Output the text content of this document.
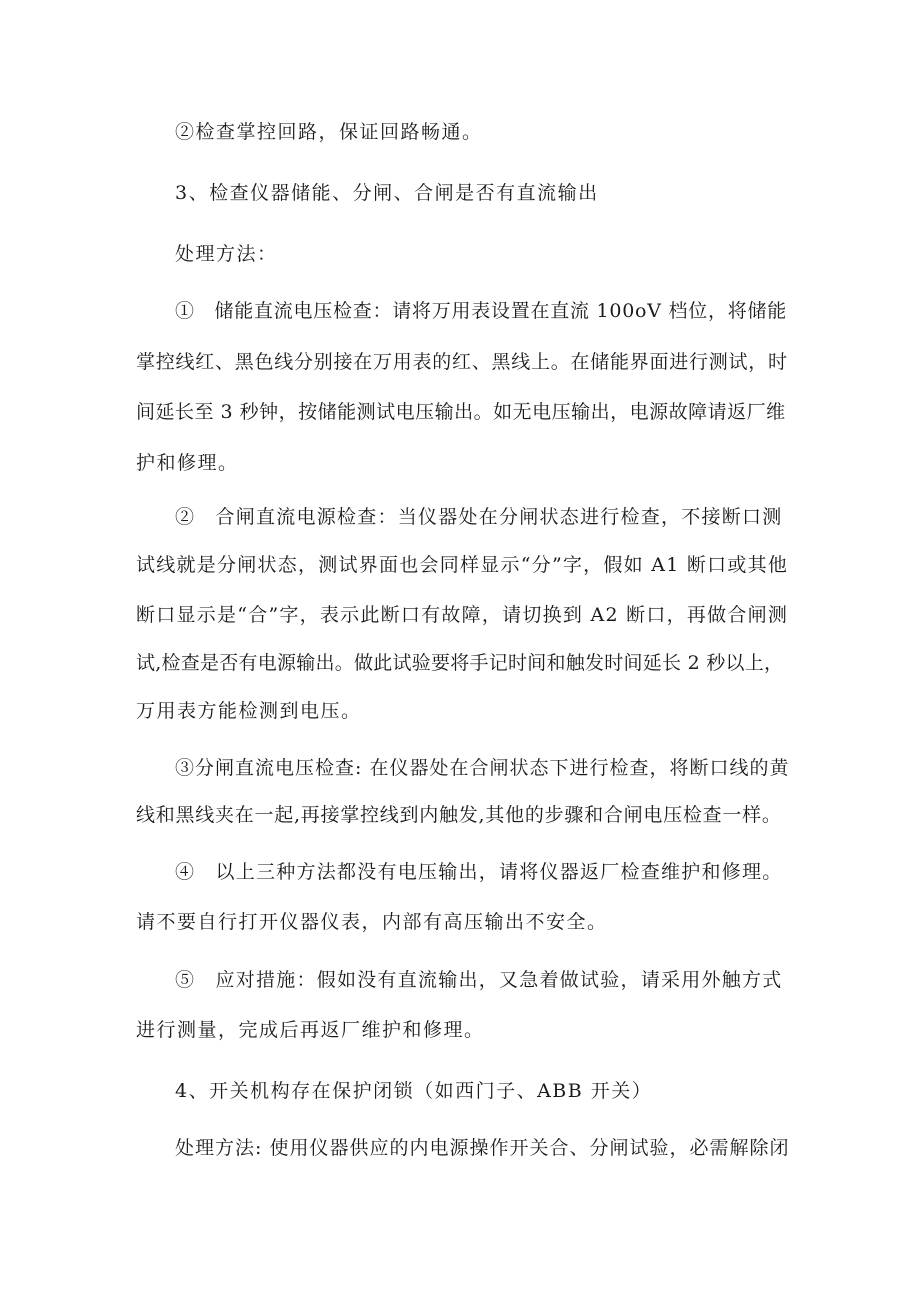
②检查掌控回路，保证回路畅通。
3、检查仪器储能、分闸、合闸是否有直流输出
处理方法：
①　储能直流电压检查：请将万用表设置在直流 100oV 档位，将储能
掌控线红、黑色线分别接在万用表的红、黑线上。在储能界面进行测试，时
间延长至 3 秒钟，按储能测试电压输出。如无电压输出，电源故障请返厂维
护和修理。
②　合闸直流电源检查：当仪器处在分闸状态进行检查，不接断口测
试线就是分闸状态，测试界面也会同样显示“分”字，假如 A1 断口或其他
断口显示是“合”字，表示此断口有故障，请切换到 A2 断口，再做合闸测
试,检查是否有电源输出。做此试验要将手记时间和触发时间延长 2 秒以上，
万用表方能检测到电压。
③分闸直流电压检查: 在仪器处在合闸状态下进行检查，将断口线的黄
线和黑线夹在一起,再接掌控线到内触发,其他的步骤和合闸电压检查一样。
④　以上三种方法都没有电压输出，请将仪器返厂检查维护和修理。
请不要自行打开仪器仪表，内部有高压输出不安全。
⑤　应对措施：假如没有直流输出，又急着做试验，请采用外触方式
进行测量，完成后再返厂维护和修理。
4、开关机构存在保护闭锁（如西门子、ABB 开关）
处理方法: 使用仪器供应的内电源操作开关合、分闸试验，必需解除闭
